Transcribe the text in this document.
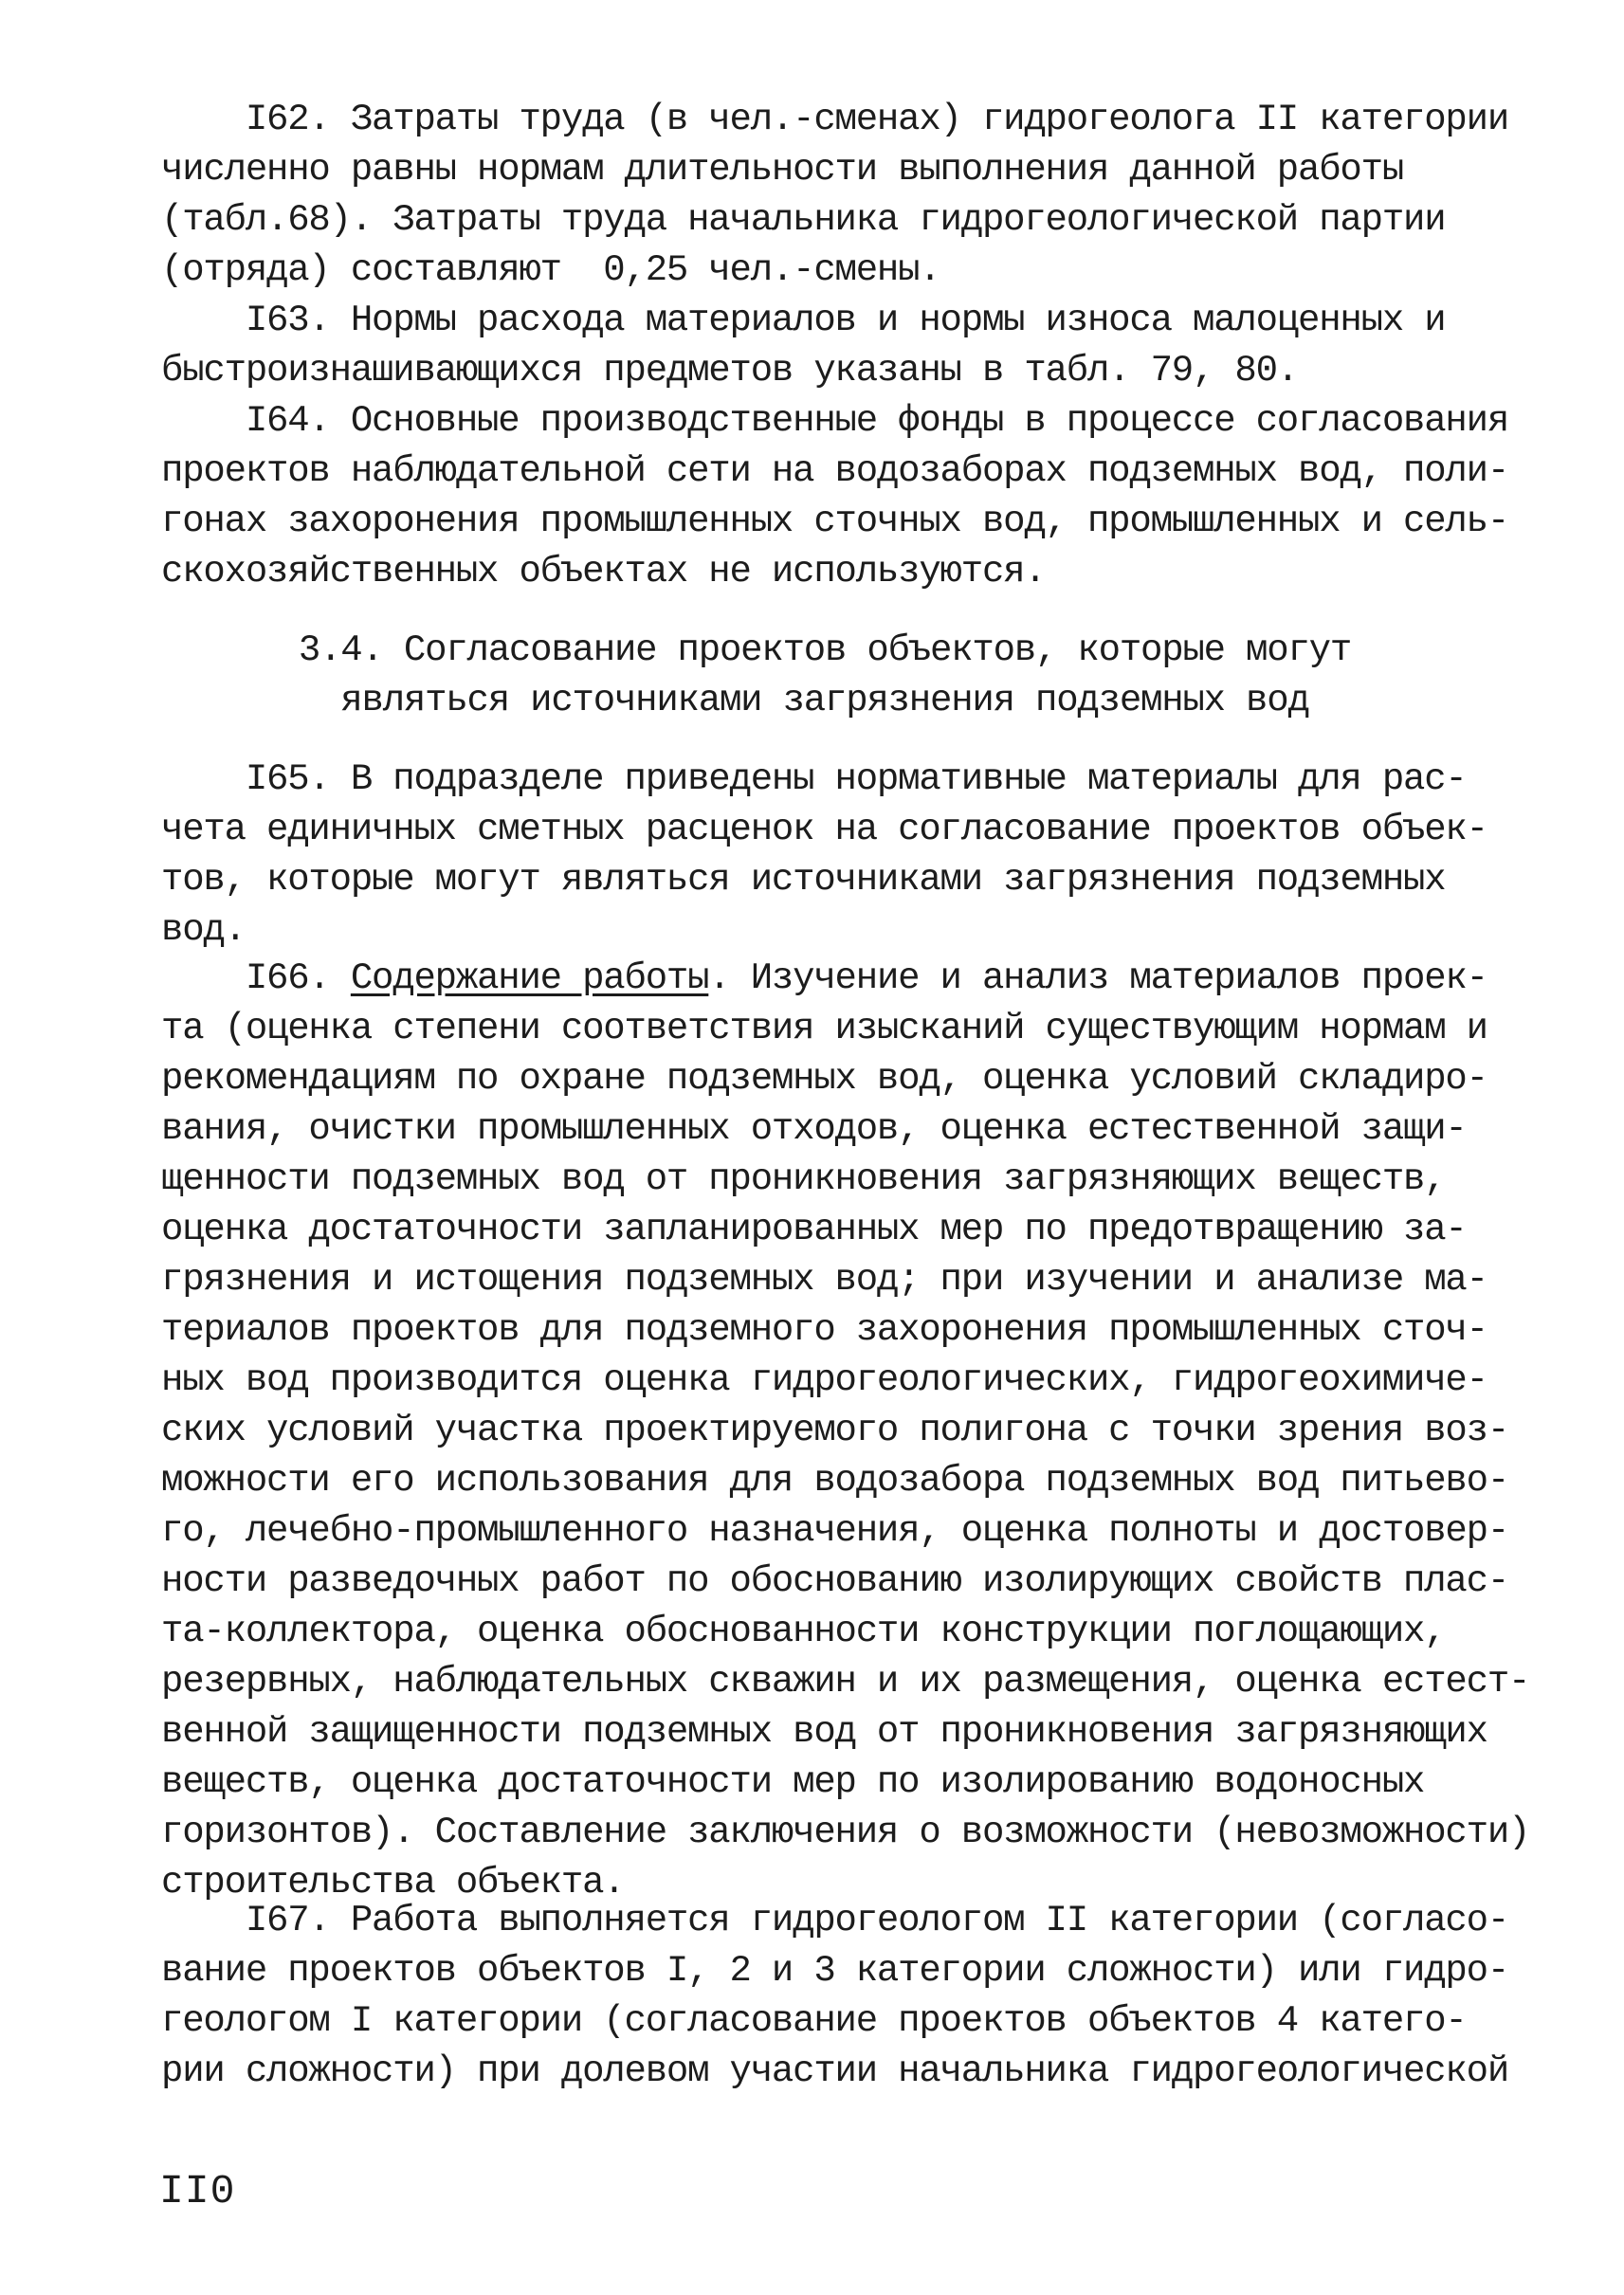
I62. Затраты труда (в чел.-сменах) гидрогеолога II категории
численно равны нормам длительности выполнения данной работы
(табл.68). Затраты труда начальника гидрогеологической партии
(отряда) составляют  0,25 чел.-смены.
I63. Нормы расхода материалов и нормы износа малоценных и
быстроизнашивающихся предметов указаны в табл. 79, 80.
I64. Основные производственные фонды в процессе согласования
проектов наблюдательной сети на водозаборах подземных вод, поли-
гонах захоронения промышленных сточных вод, промышленных и сель-
скохозяйственных объектах не используются.
3.4. Согласование проектов объектов, которые могут
являться источниками загрязнения подземных вод
I65. В подразделе приведены нормативные материалы для рас-
чета единичных сметных расценок на согласование проектов объек-
тов, которые могут являться источниками загрязнения подземных
вод.
I66. Содержание работы. Изучение и анализ материалов проек-
та (оценка степени соответствия изысканий существующим нормам и
рекомендациям по охране подземных вод, оценка условий складиро-
вания, очистки промышленных отходов, оценка естественной защи-
щенности подземных вод от проникновения загрязняющих веществ,
оценка достаточности запланированных мер по предотвращению за-
грязнения и истощения подземных вод; при изучении и анализе ма-
териалов проектов для подземного захоронения промышленных сточ-
ных вод производится оценка гидрогеологических, гидрогеохимиче-
ских условий участка проектируемого полигона с точки зрения воз-
можности его использования для водозабора подземных вод питьево-
го, лечебно-промышленного назначения, оценка полноты и достовер-
ности разведочных работ по обоснованию изолирующих свойств плас-
та-коллектора, оценка обоснованности конструкции поглощающих,
резервных, наблюдательных скважин и их размещения, оценка естест-
венной защищенности подземных вод от проникновения загрязняющих
веществ, оценка достаточности мер по изолированию водоносных
горизонтов). Составление заключения о возможности (невозможности)
строительства объекта.
I67. Работа выполняется гидрогеологом II категории (согласо-
вание проектов объектов I, 2 и 3 категории сложности) или гидро-
геологом I категории (согласование проектов объектов 4 катего-
рии сложности) при долевом участии начальника гидрогеологической
II0
